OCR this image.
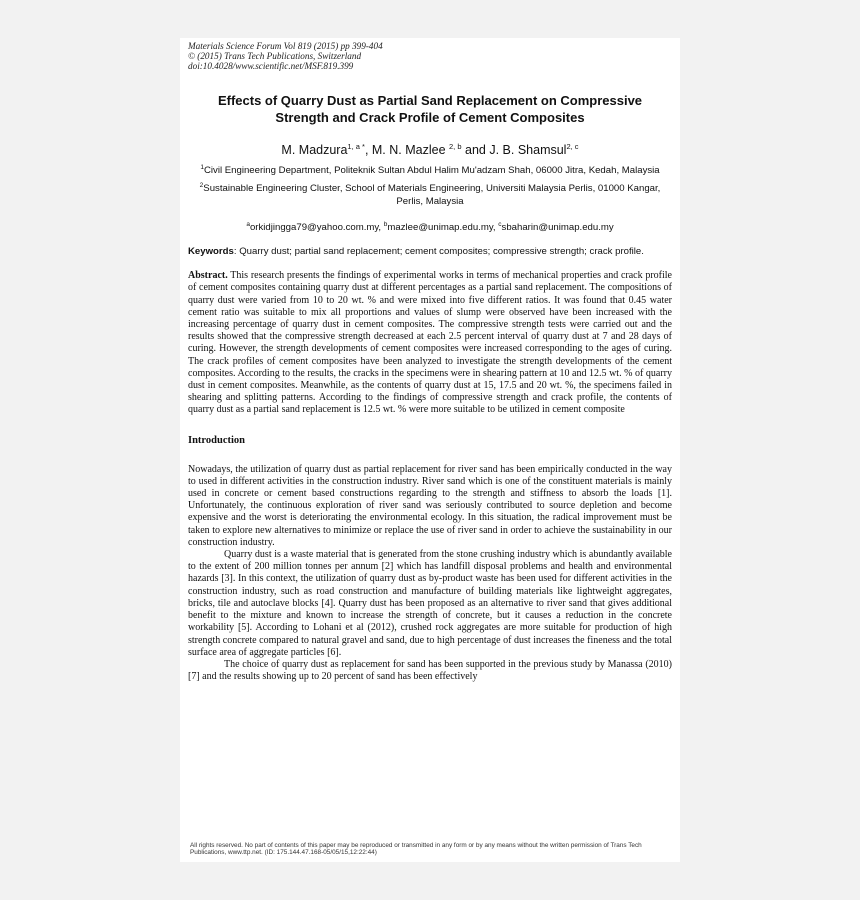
Materials Science Forum Vol 819 (2015) pp 399-404
© (2015) Trans Tech Publications, Switzerland
doi:10.4028/www.scientific.net/MSF.819.399
Effects of Quarry Dust as Partial Sand Replacement on Compressive
Strength and Crack Profile of Cement Composites
M. Madzura$^{1, a *}$, M. N. Mazlee $^{2, b}$ and J. B. Shamsul$^{2, c}$
$^1$Civil Engineering Department, Politeknik Sultan Abdul Halim Mu'adzam Shah, 06000 Jitra, Kedah, Malaysia
$^2$Sustainable Engineering Cluster, School of Materials Engineering, Universiti Malaysia Perlis, 01000 Kangar, Perlis, Malaysia
$^a$orkidjingga79@yahoo.com.my, $^b$mazlee@unimap.edu.my, $^c$sbaharin@unimap.edu.my
Keywords: Quarry dust; partial sand replacement; cement composites; compressive strength; crack profile.
Abstract. This research presents the findings of experimental works in terms of mechanical properties and crack profile of cement composites containing quarry dust at different percentages as a partial sand replacement. The compositions of quarry dust were varied from 10 to 20 wt. % and were mixed into five different ratios. It was found that 0.45 water cement ratio was suitable to mix all proportions and values of slump were observed have been increased with the increasing percentage of quarry dust in cement composites. The compressive strength tests were carried out and the results showed that the compressive strength decreased at each 2.5 percent interval of quarry dust at 7 and 28 days of curing. However, the strength developments of cement composites were increased corresponding to the ages of curing. The crack profiles of cement composites have been analyzed to investigate the strength developments of the cement composites. According to the results, the cracks in the specimens were in shearing pattern at 10 and 12.5 wt. % of quarry dust in cement composites. Meanwhile, as the contents of quarry dust at 15, 17.5 and 20 wt. %, the specimens failed in shearing and splitting patterns. According to the findings of compressive strength and crack profile, the contents of quarry dust as a partial sand replacement is 12.5 wt. % were more suitable to be utilized in cement composite
Introduction
Nowadays, the utilization of quarry dust as partial replacement for river sand has been empirically conducted in the way to used in different activities in the construction industry. River sand which is one of the constituent materials is mainly used in concrete or cement based constructions regarding to the strength and stiffness to absorb the loads [1]. Unfortunately, the continuous exploration of river sand was seriously contributed to source depletion and become expensive and the worst is deteriorating the environmental ecology. In this situation, the radical improvement must be taken to explore new alternatives to minimize or replace the use of river sand in order to achieve the sustainability in our construction industry.
Quarry dust is a waste material that is generated from the stone crushing industry which is abundantly available to the extent of 200 million tonnes per annum [2] which has landfill disposal problems and health and environmental hazards [3]. In this context, the utilization of quarry dust as by-product waste has been used for different activities in the construction industry, such as road construction and manufacture of building materials like lightweight aggregates, bricks, tile and autoclave blocks [4]. Quarry dust has been proposed as an alternative to river sand that gives additional benefit to the mixture and known to increase the strength of concrete, but it causes a reduction in the concrete workability [5]. According to Lohani et al (2012), crushed rock aggregates are more suitable for production of high strength concrete compared to natural gravel and sand, due to high percentage of dust increases the fineness and the total surface area of aggregate particles [6].
The choice of quarry dust as replacement for sand has been supported in the previous study by Manassa (2010) [7] and the results showing up to 20 percent of sand has been effectively
All rights reserved. No part of contents of this paper may be reproduced or transmitted in any form or by any means without the written permission of Trans Tech Publications, www.ttp.net. (ID: 175.144.47.168-05/05/15,12:22:44)
